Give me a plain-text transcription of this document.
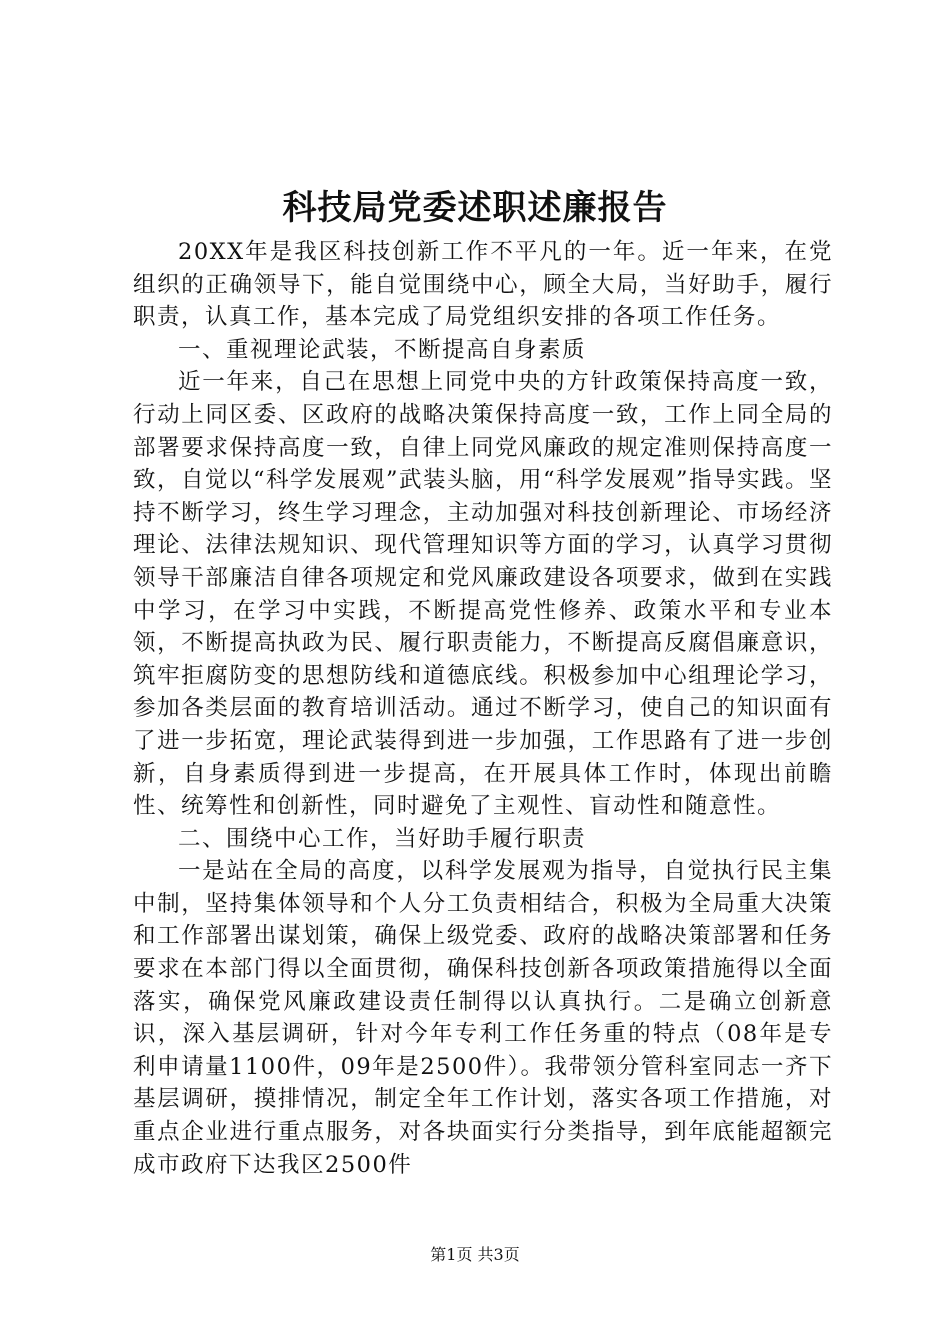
科技局党委述职述廉报告

20XX年是我区科技创新工作不平凡的一年。近一年来，在党组织的正确领导下，能自觉围绕中心，顾全大局，当好助手，履行职责，认真工作，基本完成了局党组织安排的各项工作任务。

一、重视理论武装，不断提高自身素质

近一年来，自己在思想上同党中央的方针政策保持高度一致，行动上同区委、区政府的战略决策保持高度一致，工作上同全局的部署要求保持高度一致，自律上同党风廉政的规定准则保持高度一致，自觉以“科学发展观”武装头脑，用“科学发展观”指导实践。坚持不断学习，终生学习理念，主动加强对科技创新理论、市场经济理论、法律法规知识、现代管理知识等方面的学习，认真学习贯彻领导干部廉洁自律各项规定和党风廉政建设各项要求，做到在实践中学习，在学习中实践，不断提高党性修养、政策水平和专业本领，不断提高执政为民、履行职责能力，不断提高反腐倡廉意识，筑牢拒腐防变的思想防线和道德底线。积极参加中心组理论学习，参加各类层面的教育培训活动。通过不断学习，使自己的知识面有了进一步拓宽，理论武装得到进一步加强，工作思路有了进一步创新，自身素质得到进一步提高，在开展具体工作时，体现出前瞻性、统筹性和创新性，同时避免了主观性、盲动性和随意性。

二、围绕中心工作，当好助手履行职责

一是站在全局的高度，以科学发展观为指导，自觉执行民主集中制，坚持集体领导和个人分工负责相结合，积极为全局重大决策和工作部署出谋划策，确保上级党委、政府的战略决策部署和任务要求在本部门得以全面贯彻，确保科技创新各项政策措施得以全面落实，确保党风廉政建设责任制得以认真执行。二是确立创新意识，深入基层调研，针对今年专利工作任务重的特点（08年是专利申请量1100件，09年是2500件）。我带领分管科室同志一齐下基层调研，摸排情况，制定全年工作计划，落实各项工作措施，对重点企业进行重点服务，对各块面实行分类指导，到年底能超额完成市政府下达我区2500件

第1页 共3页
